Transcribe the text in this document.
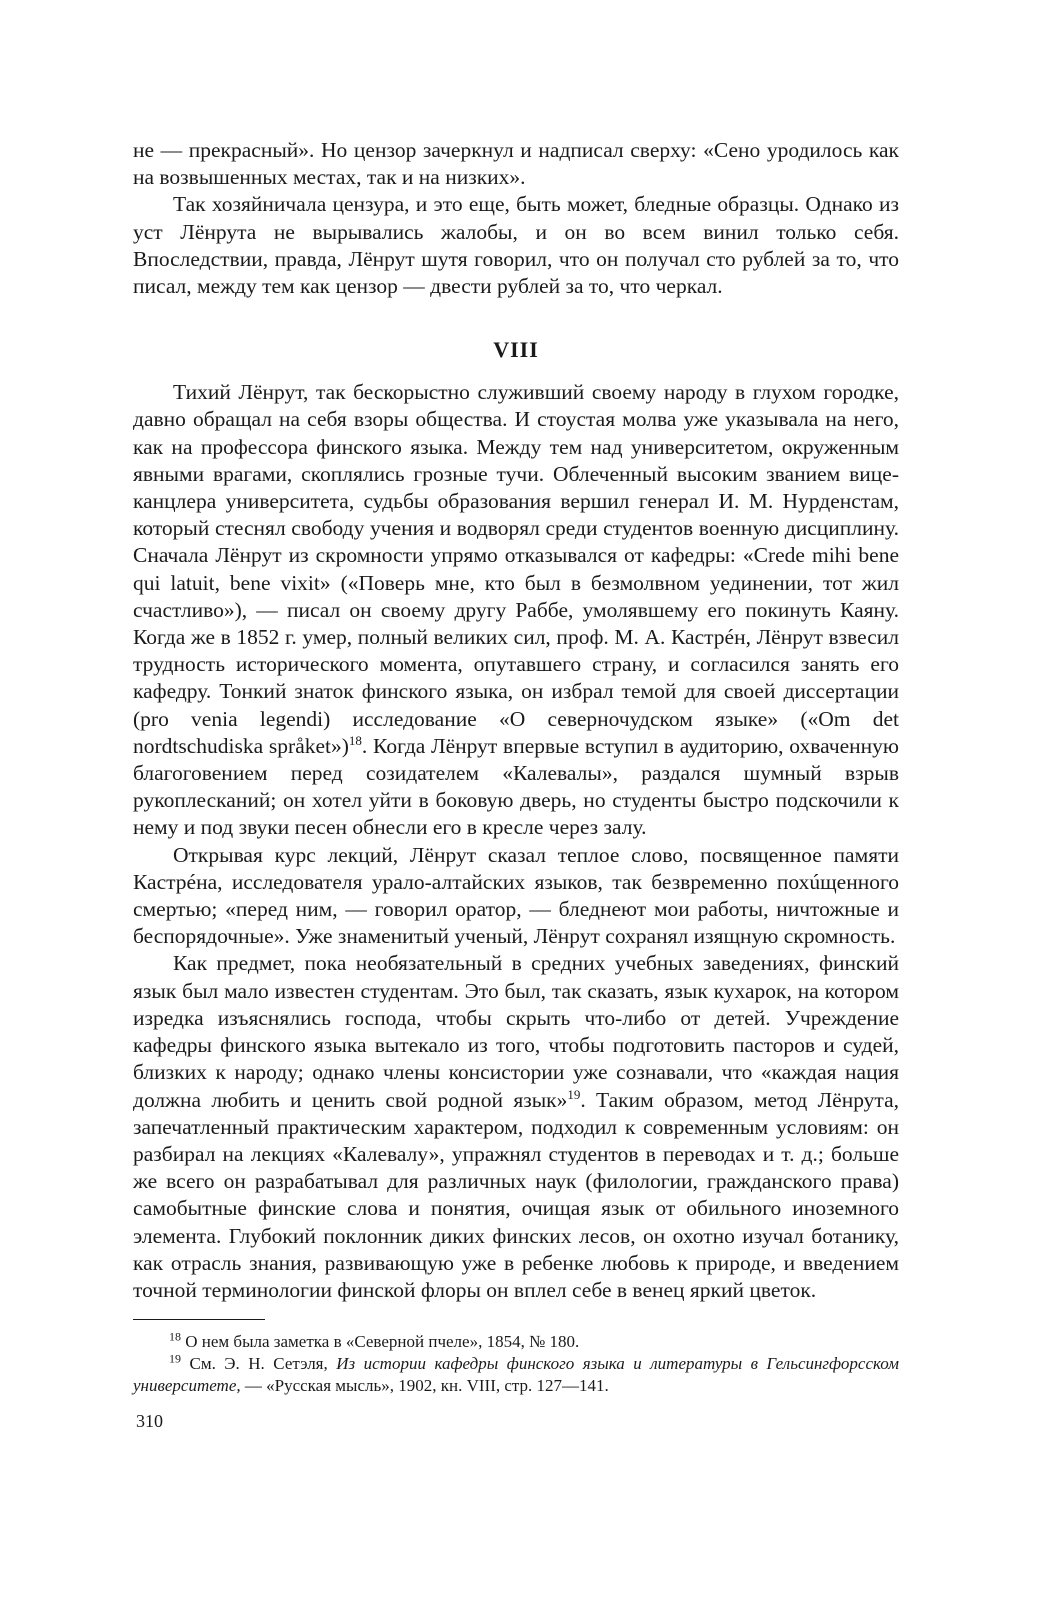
не — прекрасный». Но цензор зачеркнул и надписал сверху: «Сено уродилось как на возвышенных местах, так и на низких».

Так хозяйничала цензура, и это еще, быть может, бледные образцы. Однако из уст Лёнрута не вырывались жалобы, и он во всем винил только себя. Впоследствии, правда, Лёнрут шутя говорил, что он получал сто рублей за то, что писал, между тем как цензор — двести рублей за то, что черкал.

VIII

Тихий Лёнрут, так бескорыстно служивший своему народу в глухом городке, давно обращал на себя взоры общества. И стоустая молва уже указывала на него, как на профессора финского языка. Между тем над университетом, окруженным явными врагами, скоплялись грозные тучи. Облеченный высоким званием вице-канцлера университета, судьбы образования вершил генерал И. М. Нурденстам, который стеснял свободу учения и водворял среди студентов военную дисциплину. Сначала Лёнрут из скромности упрямо отказывался от кафедры: «Crede mihi bene qui latuit, bene vixit» («Поверь мне, кто был в безмолвном уединении, тот жил счастливо»), — писал он своему другу Раббе, умолявшему его покинуть Каяну. Когда же в 1852 г. умер, полный великих сил, проф. М. А. Кастрéн, Лёнрут взвесил трудность исторического момента, опутавшего страну, и согласился занять его кафедру. Тонкий знаток финского языка, он избрал темой для своей диссертации (pro venia legendi) исследование «О северночудском языке» («Om det nordtschudiska språket»)$^{18}$. Когда Лёнрут впервые вступил в аудиторию, охваченную благоговением перед созидателем «Калевалы», раздался шумный взрыв рукоплесканий; он хотел уйти в боковую дверь, но студенты быстро подскочили к нему и под звуки песен обнесли его в кресле через залу.

Открывая курс лекций, Лёнрут сказал теплое слово, посвященное памяти Кастрéна, исследователя урало-алтайских языков, так безвременно похúщенного смертью; «перед ним, — говорил оратор, — бледнеют мои работы, ничтожные и беспорядочные». Уже знаменитый ученый, Лёнрут сохранял изящную скромность.

Как предмет, пока необязательный в средних учебных заведениях, финский язык был мало известен студентам. Это был, так сказать, язык кухарок, на котором изредка изъяснялись господа, чтобы скрыть что-либо от детей. Учреждение кафедры финского языка вытекало из того, чтобы подготовить пасторов и судей, близких к народу; однако члены консистории уже сознавали, что «каждая нация должна любить и ценить свой родной язык»$^{19}$. Таким образом, метод Лёнрута, запечатленный практическим характером, подходил к современным условиям: он разбирал на лекциях «Калевалу», упражнял студентов в переводах и т. д.; больше же всего он разрабатывал для различных наук (филологии, гражданского права) самобытные финские слова и понятия, очищая язык от обильного иноземного элемента. Глубокий поклонник диких финских лесов, он охотно изучал ботанику, как отрасль знания, развивающую уже в ребенке любовь к природе, и введением точной терминологии финской флоры он вплел себе в венец яркий цветок.

$^{18}$ О нем была заметка в «Северной пчеле», 1854, № 180.

$^{19}$ См. Э. Н. Сетэля, Из истории кафедры финского языка и литературы в Гельсингфорсском университете, — «Русская мысль», 1902, кн. VIII, стр. 127—141.

310
